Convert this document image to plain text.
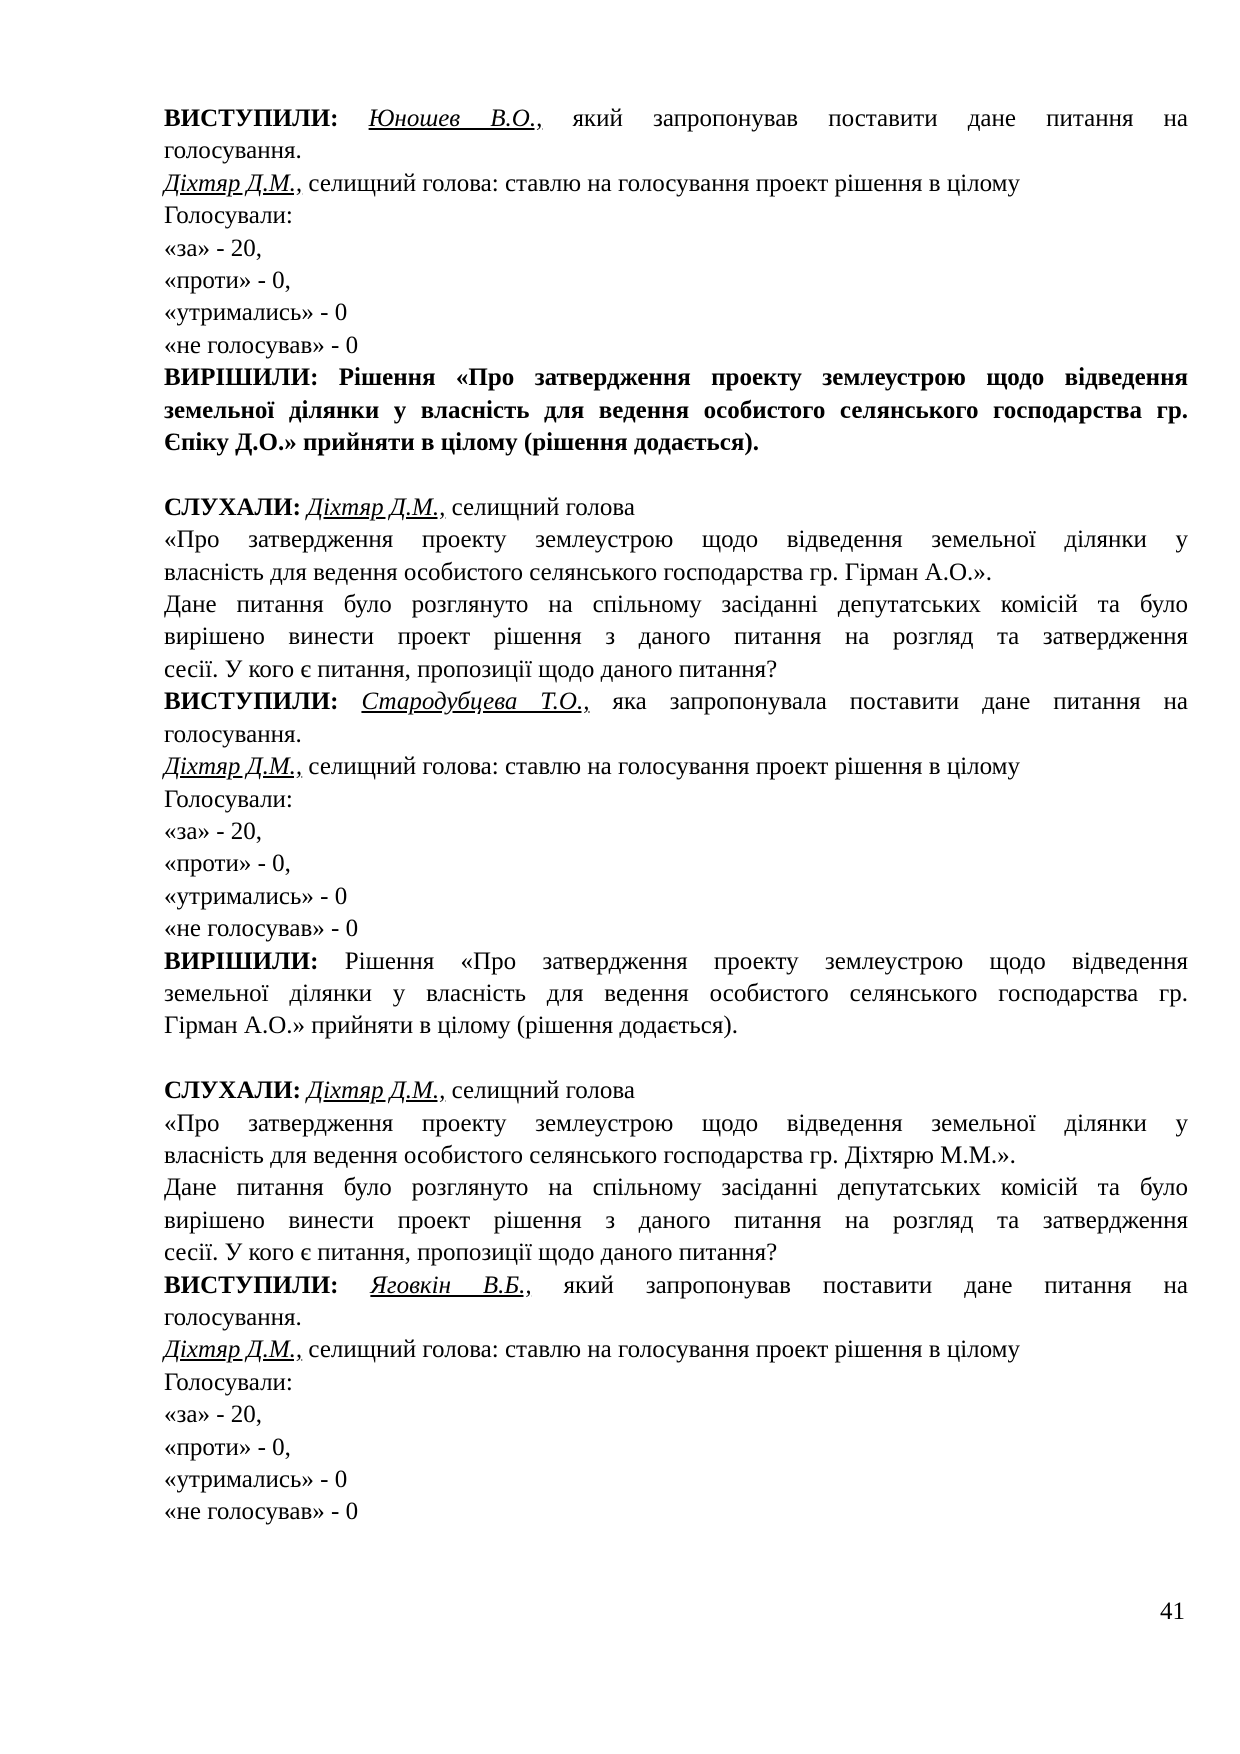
ВИСТУПИЛИ: Юношев В.О., який запропонував поставити дане питання на
голосування.
Діхтяр Д.М., селищний голова: ставлю на голосування проект рішення в цілому
Голосували:
«за» - 20,
«проти» - 0,
«утримались» - 0
«не голосував» - 0
ВИРІШИЛИ: Рішення «Про затвердження проекту землеустрою щодо відведення
земельної ділянки у власність для ведення особистого селянського господарства гр.
Єпіку Д.О.» прийняти в цілому (рішення додається).
СЛУХАЛИ: Діхтяр Д.М., селищний голова
«Про затвердження проекту землеустрою щодо відведення земельної ділянки у
власність для ведення особистого селянського господарства гр. Гірман А.О.».
Дане питання було розглянуто на спільному засіданні депутатських комісій та було
вирішено винести проект рішення з даного питання на розгляд та затвердження
сесії. У кого є питання, пропозиції щодо даного питання?
ВИСТУПИЛИ: Стародубцева Т.О., яка запропонувала поставити дане питання на
голосування.
Діхтяр Д.М., селищний голова: ставлю на голосування проект рішення в цілому
Голосували:
«за» - 20,
«проти» - 0,
«утримались» - 0
«не голосував» - 0
ВИРІШИЛИ: Рішення «Про затвердження проекту землеустрою щодо відведення
земельної ділянки у власність для ведення особистого селянського господарства гр.
Гірман А.О.» прийняти в цілому (рішення додається).
СЛУХАЛИ: Діхтяр Д.М., селищний голова
«Про затвердження проекту землеустрою щодо відведення земельної ділянки у
власність для ведення особистого селянського господарства гр. Діхтярю М.М.».
Дане питання було розглянуто на спільному засіданні депутатських комісій та було
вирішено винести проект рішення з даного питання на розгляд та затвердження
сесії. У кого є питання, пропозиції щодо даного питання?
ВИСТУПИЛИ: Яговкін В.Б., який запропонував поставити дане питання на
голосування.
Діхтяр Д.М., селищний голова: ставлю на голосування проект рішення в цілому
Голосували:
«за» - 20,
«проти» - 0,
«утримались» - 0
«не голосував» - 0
41
